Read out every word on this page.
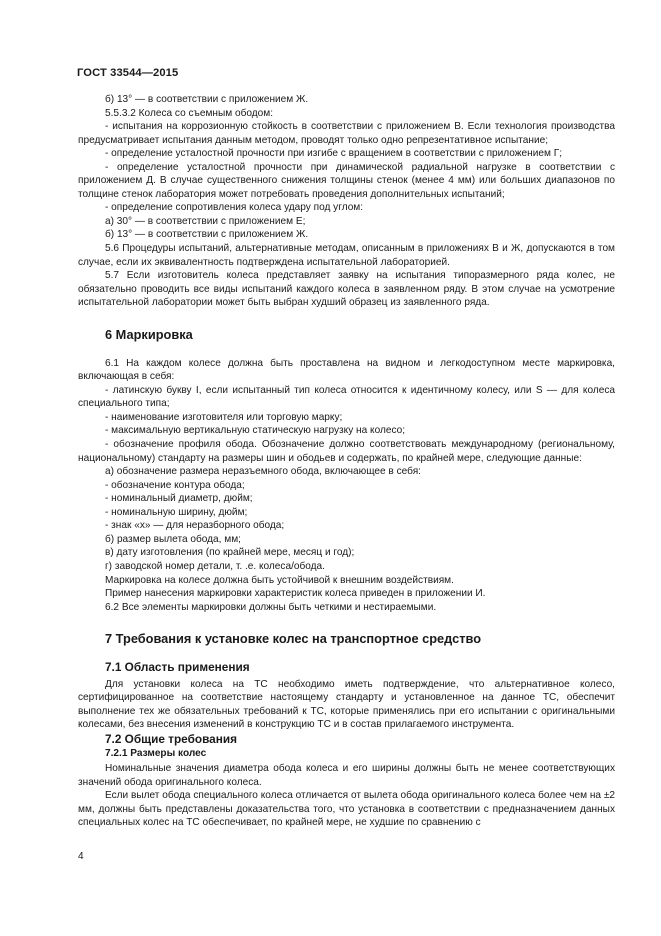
ГОСТ 33544—2015

б) 13° — в соответствии с приложением Ж.

5.5.3.2 Колеса со съемным ободом:

- испытания на коррозионную стойкость в соответствии с приложением В. Если технология производства предусматривает испытания данным методом, проводят только одно репрезентативное испытание;

- определение усталостной прочности при изгибе с вращением в соответствии с приложением Г;

- определение усталостной прочности при динамической радиальной нагрузке в соответствии с приложением Д. В случае существенного снижения толщины стенок (менее 4 мм) или больших диапазонов по толщине стенок лаборатория может потребовать проведения дополнительных испытаний;

- определение сопротивления колеса удару под углом:

а) 30° — в соответствии с приложением Е;

б) 13° — в соответствии с приложением Ж.

5.6 Процедуры испытаний, альтернативные методам, описанным в приложениях В и Ж, допускаются в том случае, если их эквивалентность подтверждена испытательной лабораторией.

5.7 Если изготовитель колеса представляет заявку на испытания типоразмерного ряда колес, не обязательно проводить все виды испытаний каждого колеса в заявленном ряду. В этом случае на усмотрение испытательной лаборатории может быть выбран худший образец из заявленного ряда.

6 Маркировка

6.1 На каждом колесе должна быть проставлена на видном и легкодоступном месте маркировка, включающая в себя:

- латинскую букву I, если испытанный тип колеса относится к идентичному колесу, или S — для колеса специального типа;

- наименование изготовителя или торговую марку;

- максимальную вертикальную статическую нагрузку на колесо;

- обозначение профиля обода. Обозначение должно соответствовать международному (региональному, национальному) стандарту на размеры шин и ободьев и содержать, по крайней мере, следующие данные:

а) обозначение размера неразъемного обода, включающее в себя:

- обозначение контура обода;

- номинальный диаметр, дюйм;

- номинальную ширину, дюйм;

- знак «х» — для неразборного обода;

б) размер вылета обода, мм;

в) дату изготовления (по крайней мере, месяц и год);

г) заводской номер детали, т. .е. колеса/обода.

Маркировка на колесе должна быть устойчивой к внешним воздействиям.

Пример нанесения маркировки характеристик колеса приведен в приложении И.

6.2 Все элементы маркировки должны быть четкими и нестираемыми.

7 Требования к установке колес на транспортное средство
7.1 Область применения

Для установки колеса на ТС необходимо иметь подтверждение, что альтернативное колесо, сертифицированное на соответствие настоящему стандарту и установленное на данное ТС, обеспечит выполнение тех же обязательных требований к ТС, которые применялись при его испытании с оригинальными колесами, без внесения изменений в конструкцию ТС и в состав прилагаемого инструмента.

7.2 Общие требования
7.2.1 Размеры колес

Номинальные значения диаметра обода колеса и его ширины должны быть не менее соответствующих значений обода оригинального колеса.

Если вылет обода специального колеса отличается от вылета обода оригинального колеса более чем на ±2 мм, должны быть представлены доказательства того, что установка в соответствии с предназначением данных специальных колес на ТС обеспечивает, по крайней мере, не худшие по сравнению с

4
